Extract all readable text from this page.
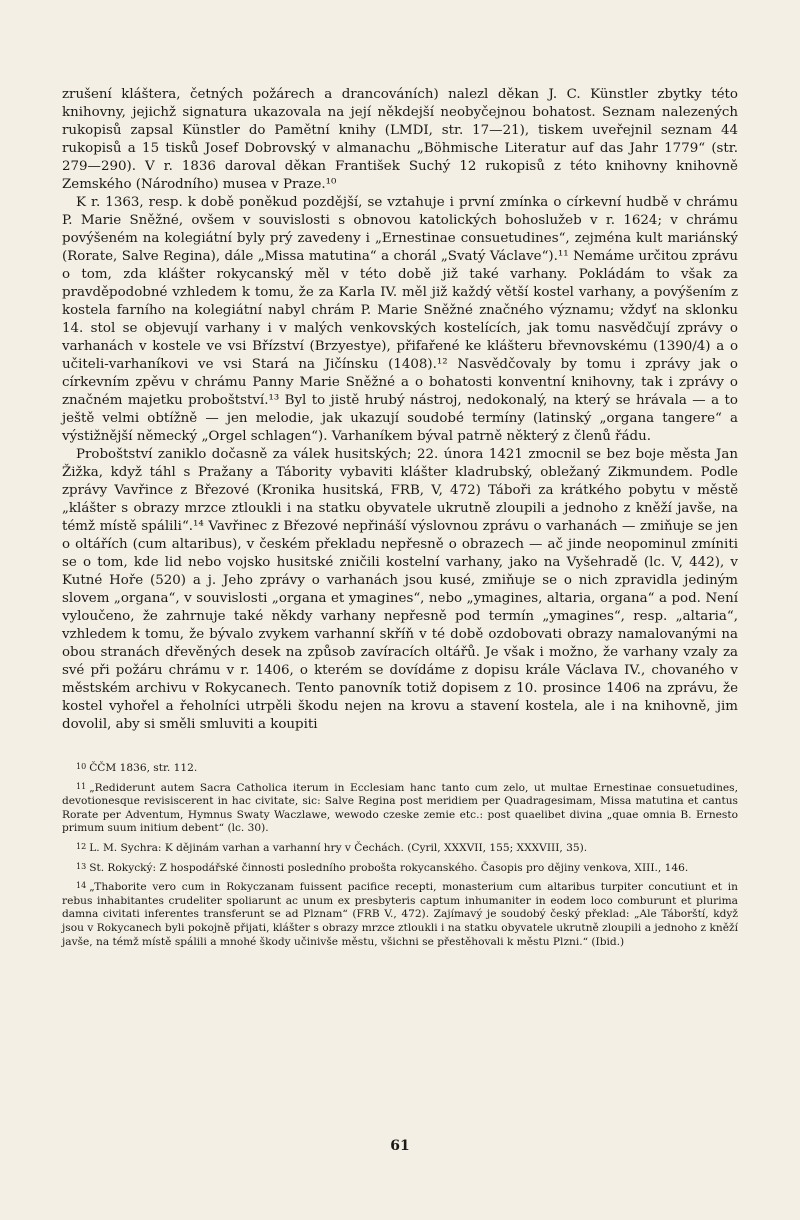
zrušení kláštera, četných požárech a drancováních) nalezl děkan J. C. Künstler zbytky této knihovny, jejichž signatura ukazovala na její někdejší neobyčejnou bohatost. Seznam nalezených rukopisů zapsal Künstler do Pamětní knihy (LMDI, str. 17—21), tiskem uveřejnil seznam 44 rukopisů a 15 tisků Josef Dobrovský v almanachu „Böhmische Literatur auf das Jahr 1779“ (str. 279—290). V r. 1836 daroval děkan František Suchý 12 rukopisů z této knihovny knihovně Zemského (Národního) musea v Praze.¹⁰

K r. 1363, resp. k době poněkud pozdější, se vztahuje i první zmínka o církevní hudbě v chrámu P. Marie Sněžné, ovšem v souvislosti s obnovou katolických bohoslužeb v r. 1624; v chrámu povýšeném na kolegiátní byly prý zavedeny i „Ernestinae consuetudines“, zejména kult mariánský (Rorate, Salve Regina), dále „Missa matutina“ a chorál „Svatý Václave“).¹¹ Nemáme určitou zprávu o tom, zda klášter rokycanský měl v této době již také varhany. Pokládám to však za pravděpodobné vzhledem k tomu, že za Karla IV. měl již každý větší kostel varhany, a povýšením z kostela farního na kolegiátní nabyl chrám P. Marie Sněžné značného významu; vždyť na sklonku 14. stol se objevují varhany i v malých venkovských kostelících, jak tomu nasvědčují zprávy o varhanách v kostele ve vsi Břízství (Brzyestye), přifařené ke klášteru břevnovskému (1390/4) a o učiteli-varhaníkovi ve vsi Stará na Jičínsku (1408).¹² Nasvědčovaly by tomu i zprávy jak o církevním zpěvu v chrámu Panny Marie Sněžné a o bohatosti konventní knihovny, tak i zprávy o značném majetku proboštství.¹³ Byl to jistě hrubý nástroj, nedokonalý, na který se hrávala — a to ještě velmi obtížně — jen melodie, jak ukazují soudobé termíny (latinský „organa tangere“ a výstižnější německý „Orgel schlagen“). Varhaníkem býval patrně některý z členů řádu.

Proboštství zaniklo dočasně za válek husitských; 22. února 1421 zmocnil se bez boje města Jan Žižka, když táhl s Pražany a Tábority vybaviti klášter kladrubský, obležaný Zikmundem. Podle zprávy Vavřince z Březové (Kronika husitská, FRB, V, 472) Táboři za krátkého pobytu v městě „klášter s obrazy mrzce ztloukli i na statku obyvatele ukrutně zloupili a jednoho z kněží javše, na témž místě spálili“.¹⁴ Vavřinec z Březové nepřináší výslovnou zprávu o varhanách — zmiňuje se jen o oltářích (cum altaribus), v českém překladu nepřesně o obrazech — ač jinde neopominul zmíniti se o tom, kde lid nebo vojsko husitské zničili kostelní varhany, jako na Vyšehradě (lc. V, 442), v Kutné Hoře (520) a j. Jeho zprávy o varhanách jsou kusé, zmiňuje se o nich zpravidla jediným slovem „organa“, v souvislosti „organa et ymagines“, nebo „ymagines, altaria, organa“ a pod. Není vyloučeno, že zahrnuje také někdy varhany nepřesně pod termín „ymagines“, resp. „altaria“, vzhledem k tomu, že bývalo zvykem varhanní skříň v té době ozdobovati obrazy namalovanými na obou stranách dřevěných desek na způsob zavíracích oltářů. Je však i možno, že varhany vzaly za své při požáru chrámu v r. 1406, o kterém se dovídáme z dopisu krále Václava IV., chovaného v městském archivu v Rokycanech. Tento panovník totiž dopisem z 10. prosince 1406 na zprávu, že kostel vyhořel a řeholníci utrpěli škodu nejen na krovu a stavení kostela, ale i na knihovně, jim dovolil, aby si směli smluviti a koupiti

10 ČČM 1836, str. 112.

11 „Rediderunt autem Sacra Catholica iterum in Ecclesiam hanc tanto cum zelo, ut multae Ernestinae consuetudines, devotionesque revisiscerent in hac civitate, sic: Salve Regina post meridiem per Quadragesimam, Missa matutina et cantus Rorate per Adventum, Hymnus Swaty Waczlawe, wewodo czeske zemie etc.: post quaelibet divina „quae omnia B. Ernesto primum suum initium debent“ (lc. 30).

12 L. M. Sychra: K dějinám varhan a varhanní hry v Čechách. (Cyril, XXXVII, 155; XXXVIII, 35).

13 St. Rokycký: Z hospodářské činnosti posledního probošta rokycanského. Časopis pro dějiny venkova, XIII., 146.

14 „Thaborite vero cum in Rokyczanam fuissent pacifice recepti, monasterium cum altaribus turpiter concutiunt et in rebus inhabitantes crudeliter spoliarunt ac unum ex presbyteris captum inhumaniter in eodem loco comburunt et plurima damna civitati inferentes transferunt se ad Plznam“ (FRB V., 472). Zajímavý je soudobý český překlad: „Ale Táborští, když jsou v Rokycanech byli pokojně přijati, klášter s obrazy mrzce ztloukli i na statku obyvatele ukrutně zloupili a jednoho z kněží javše, na témž místě spálili a mnohé škody učinivše městu, všichni se přestěhovali k městu Plzni.“ (Ibid.)

61
